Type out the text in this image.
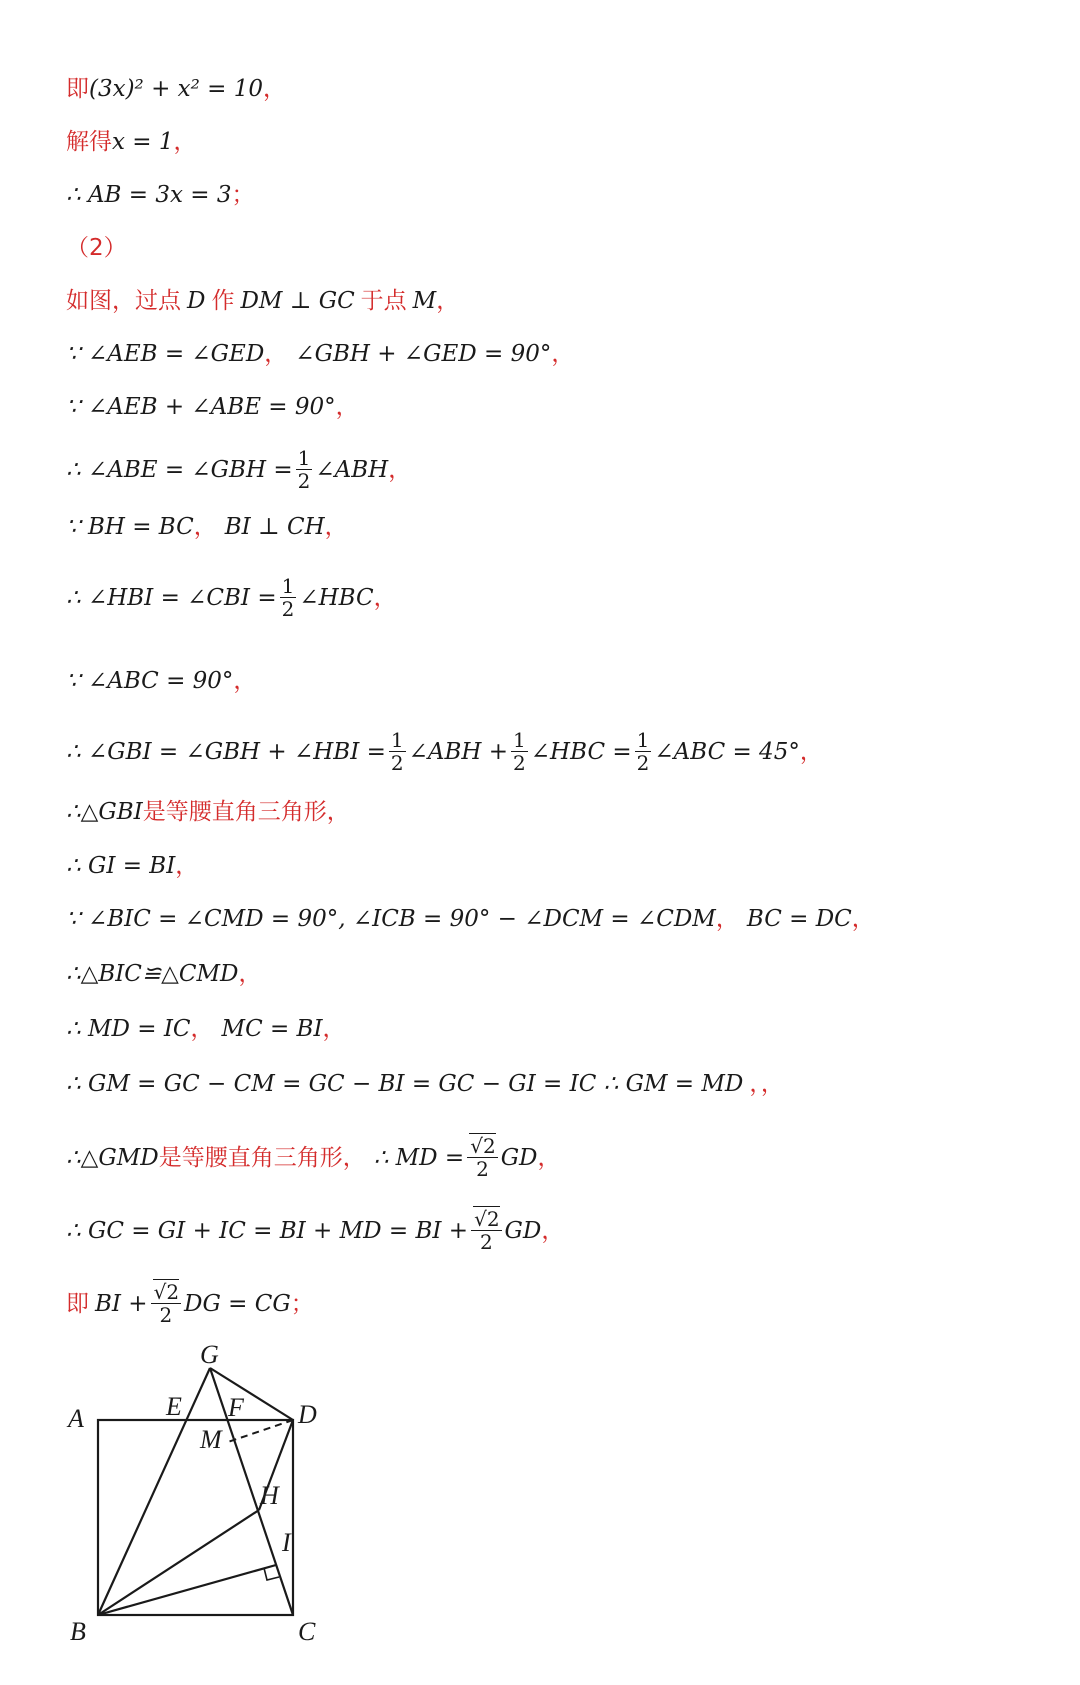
即 (3x)² + x² = 10 ，
解得 x = 1 ，
∴ AB = 3x = 3 ；
（2）
如图，过点 D 作 DM ⊥ GC 于点 M ，
∵ ∠AEB = ∠GED ， ∠GBH + ∠GED = 90° ，
∵ ∠AEB + ∠ABE = 90° ，
∴ ∠ABE = ∠GBH = $\frac{1}{2}$ ∠ABH ，
∵ BH = BC ， BI ⊥ CH ，
∴ ∠HBI = ∠CBI = $\frac{1}{2}$ ∠HBC ，
∵ ∠ABC = 90° ，
∴ ∠GBI = ∠GBH + ∠HBI = $\frac{1}{2}$ ∠ABH + $\frac{1}{2}$ ∠HBC = $\frac{1}{2}$ ∠ABC = 45° ，
∴△GBI 是等腰直角三角形，
∴ GI = BI ，
∵ ∠BIC = ∠CMD = 90°, ∠ICB = 90° − ∠DCM = ∠CDM ， BC = DC ，
∴△BIC≌△CMD ，
∴ MD = IC ， MC = BI ，
∴ GM = GC − CM = GC − BI = GC − GI = IC ∴ GM = MD ，，
∴△GMD 是等腰直角三角形， ∴ MD = $\frac{√2}{2}$ GD ，
∴ GC = GI + IC = BI + MD = BI + $\frac{√2}{2}$ GD ，
即 BI + $\frac{√2}{2}$ DG = CG ；
G
A	E F D
M
H
I
B	C
